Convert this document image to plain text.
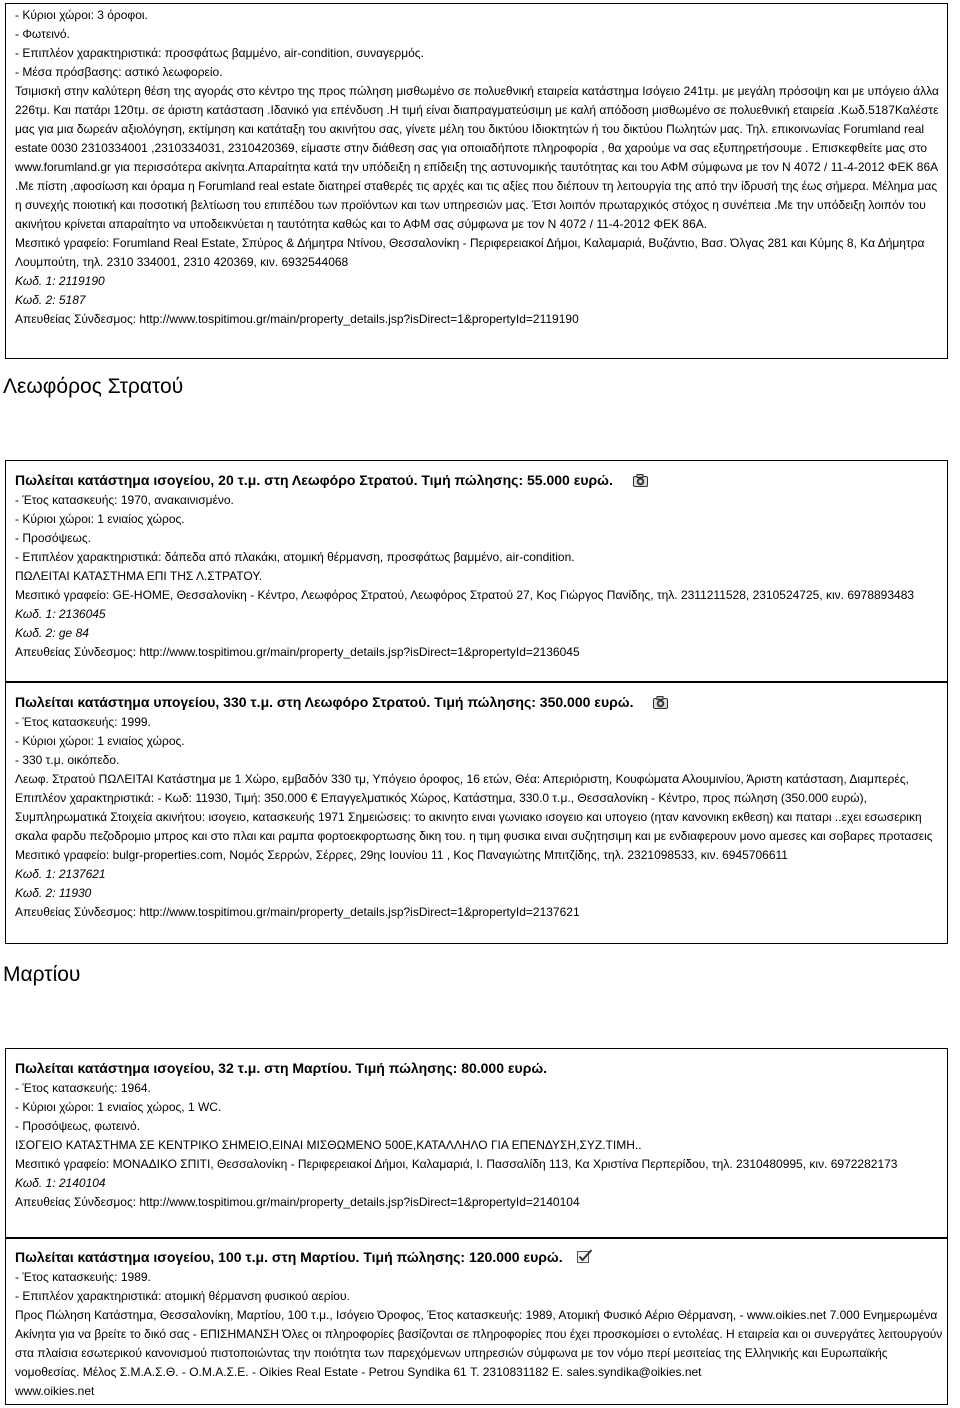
- Κύριοι χώροι: 3 όροφοι.
- Φωτεινό.
- Επιπλέον χαρακτηριστικά: προσφάτως βαμμένο, air-condition, συναγερμός.
- Μέσα πρόσβασης: αστικό λεωφορείο.
Τσιμισκή στην καλύτερη θέση της αγοράς στο κέντρο της προς πώληση μισθωμένο σε πολυεθνική εταιρεία κατάστημα Ισόγειο 241τμ. με μεγάλη πρόσοψη και με υπόγειο άλλα 226τμ. Και πατάρι 120τμ. σε άριστη κατάσταση .Ιδανικό για επένδυση .Η τιμή είναι διαπραγματεύσιμη με καλή απόδοση μισθωμένο σε πολυεθνική εταιρεία .Κωδ.5187Καλέστε μας για μια δωρεάν αξιολόγηση, εκτίμηση και κατάταξη του ακινήτου σας, γίνετε μέλη του δικτύου Ιδιοκτητών ή του δικτύου Πωλητών μας. Τηλ. επικοινωνίας Forumland real estate 0030 2310334001 ,2310334031, 2310420369, είμαστε στην διάθεση σας για οποιαδήποτε πληροφορία , θα χαρούμε να σας εξυπηρετήσουμε . Επισκεφθείτε μας στο www.forumland.gr για περισσότερα ακίνητα.Απαραίτητα κατά την υπόδειξη η επίδειξη της αστυνομικής ταυτότητας και του ΑΦΜ σύμφωνα με τον Ν 4072 / 11-4-2012 ΦΕΚ 86Α .Με πίστη ,αφοσίωση και όραμα η Forumland real estate διατηρεί σταθερές τις αρχές και τις αξίες που διέπουν τη λειτουργία της από την ίδρυσή της έως σήμερα. Μέλημα μας η συνεχής ποιοτική και ποσοτική βελτίωση του επιπέδου των προϊόντων και των υπηρεσιών μας. Έτσι λοιπόν πρωταρχικός στόχος η συνέπεια .Με την υπόδειξη λοιπόν του ακινήτου κρίνεται απαραίτητο να υποδεικνύεται η ταυτότητα καθώς και το ΑΦΜ σας σύμφωνα με τον Ν 4072 / 11-4-2012 ΦΕΚ 86Α.
Μεσιτικό γραφείο: Forumland Real Estate, Σπύρος & Δήμητρα Ντίνου, Θεσσαλονίκη - Περιφερειακοί Δήμοι, Καλαμαριά, Βυζάντιο, Βασ. Όλγας 281 και Κύμης 8, Κα Δήμητρα Λουμπούτη, τηλ. 2310 334001, 2310 420369, κιν. 6932544068
Κωδ. 1: 2119190
Κωδ. 2: 5187
Απευθείας Σύνδεσμος: http://www.tospitimou.gr/main/property_details.jsp?isDirect=1&propertyId=2119190
Λεωφόρος Στρατού
Πωλείται κατάστημα ισογείου, 20 τ.μ. στη Λεωφόρο Στρατού. Τιμή πώλησης: 55.000 ευρώ.
- Έτος κατασκευής: 1970, ανακαινισμένο.
- Κύριοι χώροι: 1 ενιαίος χώρος.
- Προσόψεως.
- Επιπλέον χαρακτηριστικά: δάπεδα από πλακάκι, ατομική θέρμανση, προσφάτως βαμμένο, air-condition.
ΠΩΛΕΙΤΑΙ ΚΑΤΑΣΤΗΜΑ ΕΠΙ ΤΗΣ Λ.ΣΤΡΑΤΟΥ.
Μεσιτικό γραφείο: GE-HOME, Θεσσαλονίκη - Κέντρο, Λεωφόρος Στρατού, Λεωφόρος Στρατού 27, Κος Γιώργος Πανίδης, τηλ. 2311211528, 2310524725, κιν. 6978893483
Κωδ. 1: 2136045
Κωδ. 2: ge 84
Απευθείας Σύνδεσμος: http://www.tospitimou.gr/main/property_details.jsp?isDirect=1&propertyId=2136045
Πωλείται κατάστημα υπογείου, 330 τ.μ. στη Λεωφόρο Στρατού. Τιμή πώλησης: 350.000 ευρώ.
- Έτος κατασκευής: 1999.
- Κύριοι χώροι: 1 ενιαίος χώρος.
- 330 τ.μ. οικόπεδο.
Λεωφ. Στρατού ΠΩΛΕΙΤΑΙ Κατάστημα με 1 Χώρο, εμβαδόν 330 τμ, Υπόγειο όροφος, 16 ετών, Θέα: Απεριόριστη, Κουφώματα Αλουμινίου, Άριστη κατάσταση, Διαμπερές, Επιπλέον χαρακτηριστικά: - Κωδ: 11930, Τιμή: 350.000 € Επαγγελματικός Χώρος, Κατάστημα, 330.0 τ.μ., Θεσσαλονίκη - Κέντρο, προς πώληση (350.000 ευρώ), Συμπληρωματικά Στοιχεία ακινήτου: ισογειο, κατασκευής 1971 Σημειώσεις: το ακινητο ειναι γωνιακο ισογειο και υπογειο (ηταν κανονικη εκθεση) και παταρι ..εχει εσωσερικη σκαλα φαρδυ πεζοδρομιο μπρος και στο πλαι και ραμπα φορτοεκφορτωσης δικη του. η τιμη φυσικα ειναι συζητησιμη και με ενδιαφερουν μονο αμεσες και σοβαρες προτασεις
Μεσιτικό γραφείο: bulgr-properties.com, Νομός Σερρών, Σέρρες, 29ης Ιουνίου 11 , Κος Παναγιώτης Μπιτζίδης, τηλ. 2321098533, κιν. 6945706611
Κωδ. 1: 2137621
Κωδ. 2: 11930
Απευθείας Σύνδεσμος: http://www.tospitimou.gr/main/property_details.jsp?isDirect=1&propertyId=2137621
Μαρτίου
Πωλείται κατάστημα ισογείου, 32 τ.μ. στη Μαρτίου. Τιμή πώλησης: 80.000 ευρώ.
- Έτος κατασκευής: 1964.
- Κύριοι χώροι: 1 ενιαίος χώρος, 1 WC.
- Προσόψεως, φωτεινό.
ΙΣΟΓΕΙΟ ΚΑΤΑΣΤΗΜΑ ΣΕ ΚΕΝΤΡΙΚΟ ΣΗΜΕΙΟ,ΕΙΝΑΙ ΜΙΣΘΩΜΕΝΟ 500Ε,ΚΑΤΑΛΛΗΛΟ ΓΙΑ ΕΠΕΝΔΥΣΗ,ΣΥΖ.ΤΙΜΗ..
Μεσιτικό γραφείο: ΜΟΝΑΔΙΚΟ ΣΠΙΤΙ, Θεσσαλονίκη - Περιφερειακοί Δήμοι, Καλαμαριά, Ι. Πασσαλίδη 113, Κα Χριστίνα Περπερίδου, τηλ. 2310480995, κιν. 6972282173
Κωδ. 1: 2140104
Απευθείας Σύνδεσμος: http://www.tospitimou.gr/main/property_details.jsp?isDirect=1&propertyId=2140104
Πωλείται κατάστημα ισογείου, 100 τ.μ. στη Μαρτίου. Τιμή πώλησης: 120.000 ευρώ.
- Έτος κατασκευής: 1989.
- Επιπλέον χαρακτηριστικά: ατομική θέρμανση φυσικού αερίου.
Προς Πώληση Κατάστημα, Θεσσαλονίκη, Μαρτίου, 100 τ.μ., Ισόγειο Όροφος, Έτος κατασκευής: 1989, Ατομική Φυσικό Αέριο Θέρμανση, - www.oikies.net 7.000 Ενημερωμένα Ακίνητα για να βρείτε το δικό σας - ΕΠΙΣΗΜΑΝΣΗ Όλες οι πληροφορίες βασίζονται σε πληροφορίες που έχει προσκομίσει ο εντολέας. Η εταιρεία και οι συνεργάτες λειτουργούν στα πλαίσια εσωτερικού κανονισμού πιστοποιώντας την ποιότητα των παρεχόμενων υπηρεσιών σύμφωνα με τον νόμο περί μεσιτείας της Ελληνικής και Ευρωπαϊκής νομοθεσίας. Μέλος Σ.Μ.Α.Σ.Θ. - Ο.Μ.Α.Σ.Ε. - Oikies Real Estate - Petrou Syndika 61 Τ. 2310831182 Ε. sales.syndika@oikies.net
www.oikies.net
